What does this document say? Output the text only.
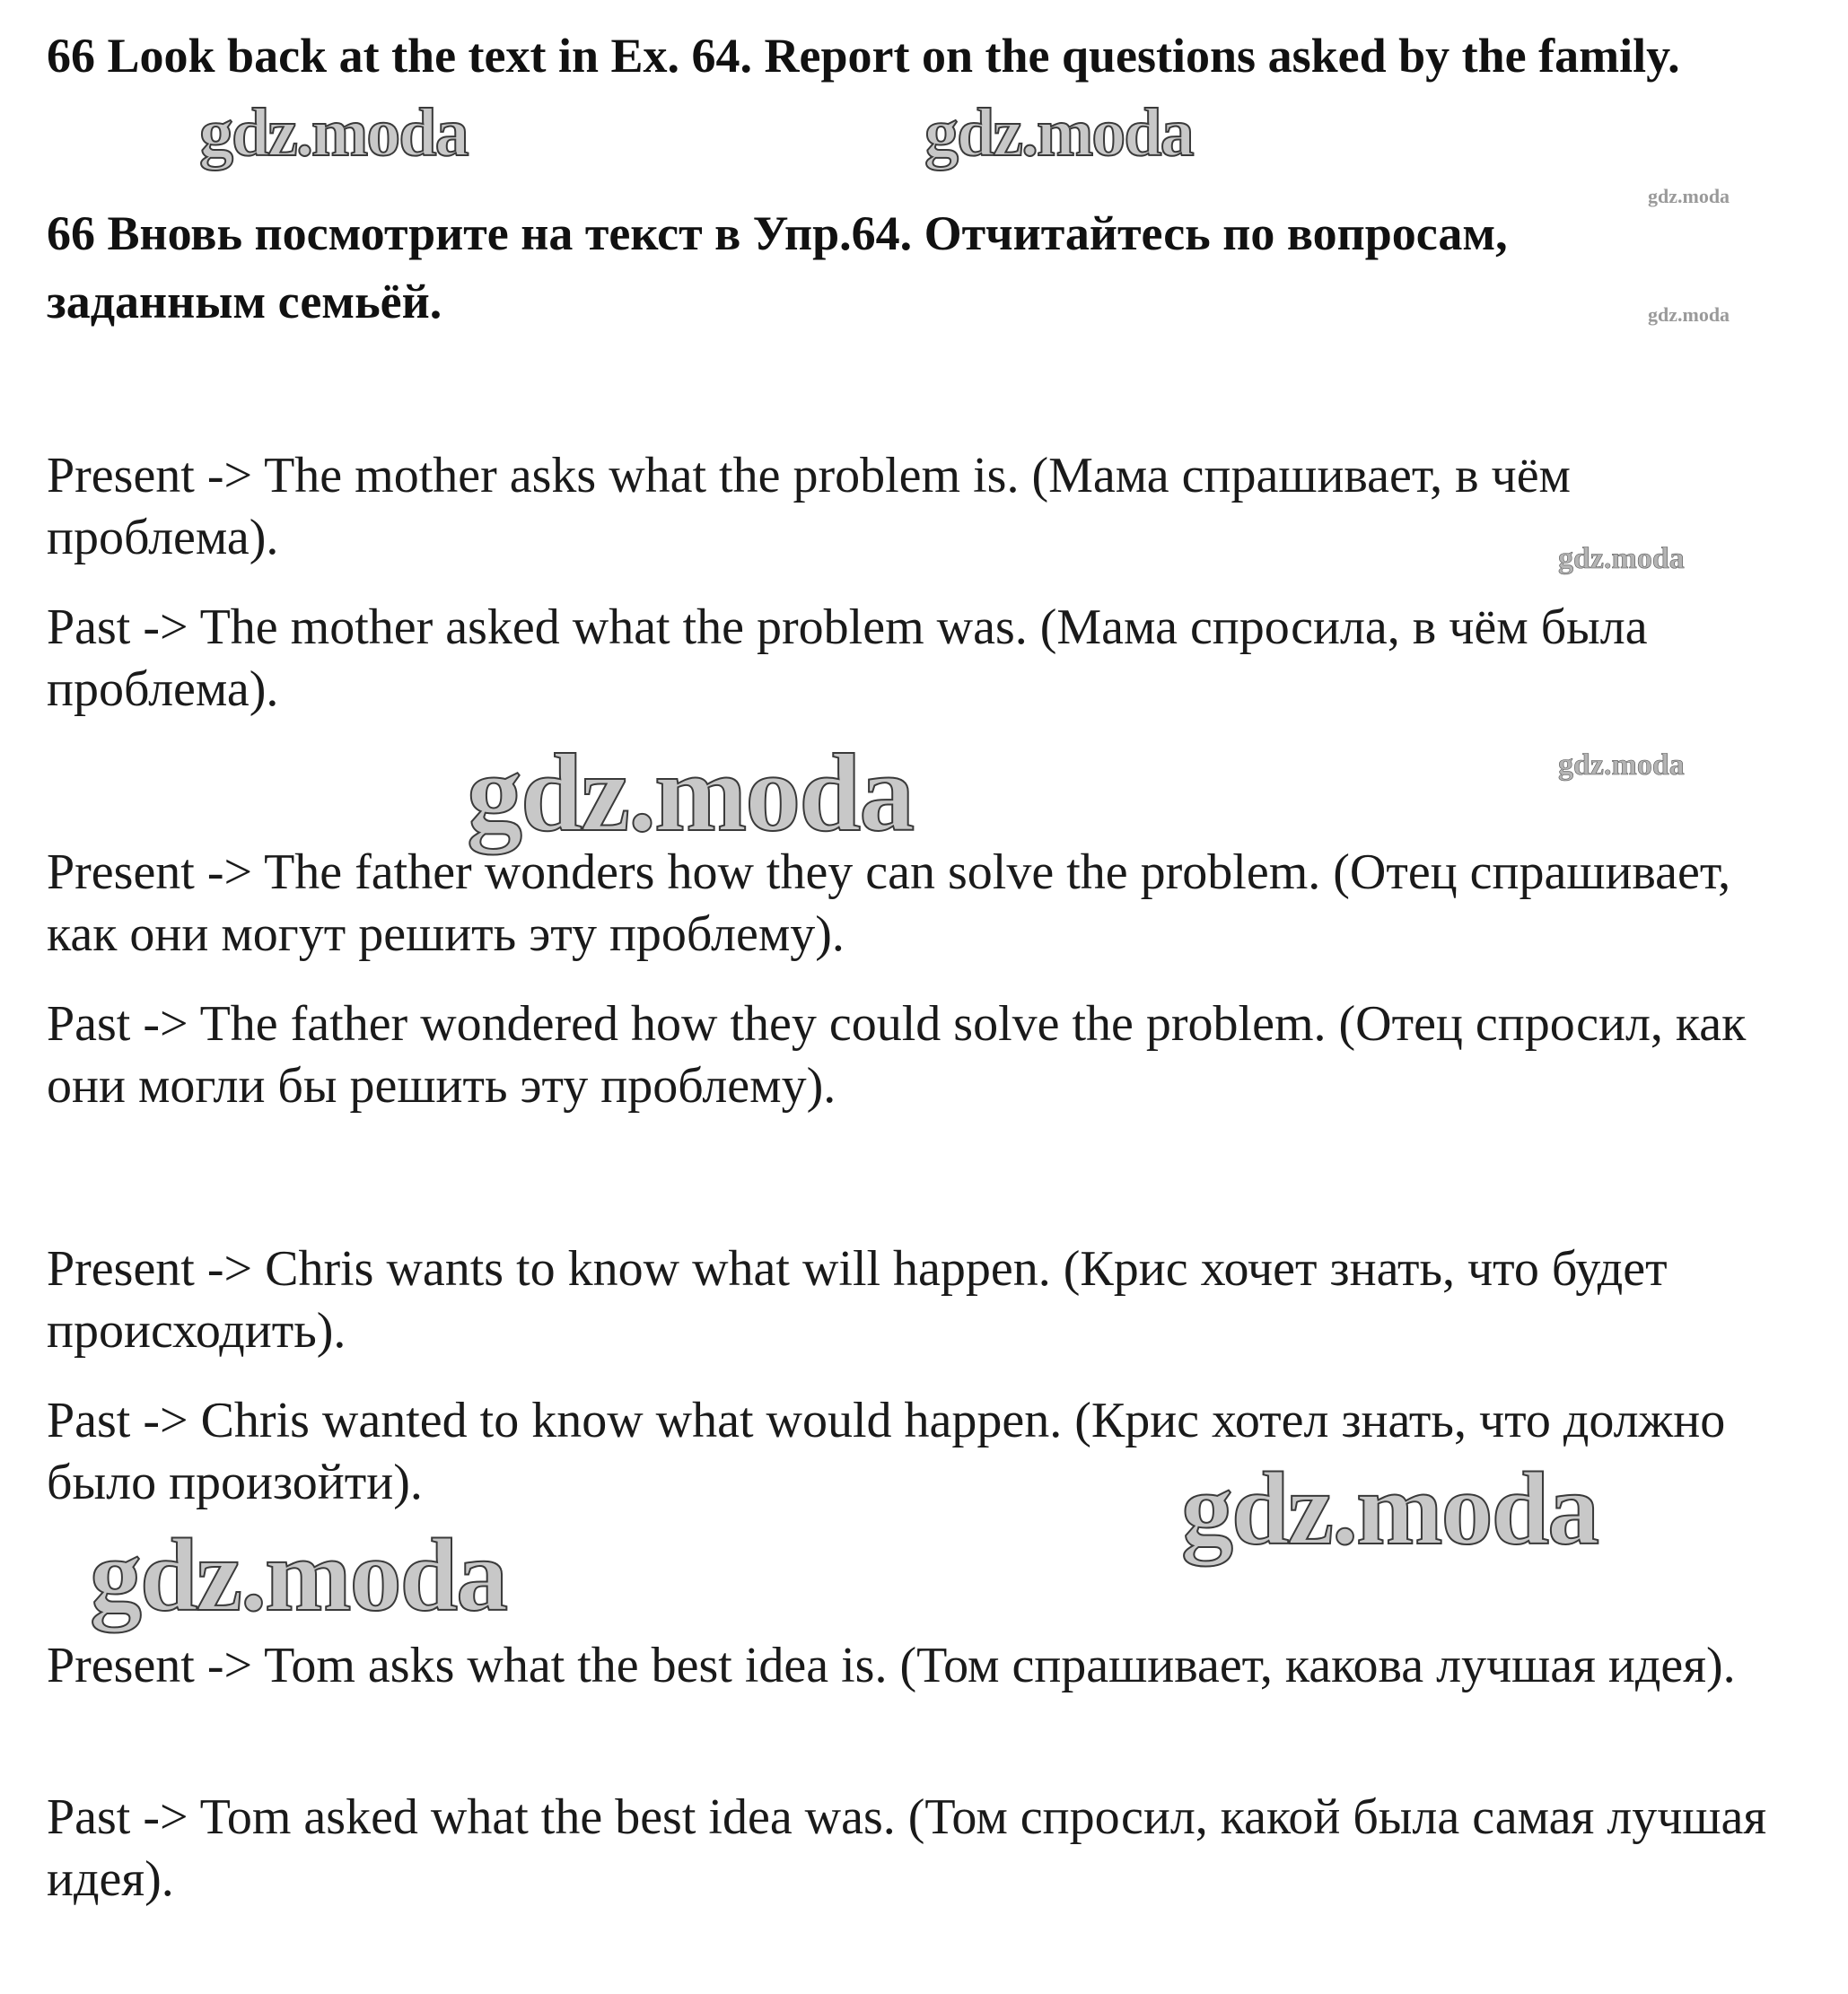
66 Look back at the text in Ex. 64. Report on the questions asked by the family.
66 Вновь посмотрите на текст в Упр.64. Отчитайтесь по вопросам, заданным семьёй.

Present -> The mother asks what the problem is. (Мама спрашивает, в чём проблема).

Past -> The mother asked what the problem was. (Мама спросила, в чём была проблема).

Present -> The father wonders how they can solve the problem. (Отец спрашивает, как они могут решить эту проблему).

Past -> The father wondered how they could solve the problem. (Отец спросил, как они могли бы решить эту проблему).

Present -> Chris wants to know what will happen. (Крис хочет знать, что будет происходить).

Past -> Chris wanted to know what would happen. (Крис хотел знать, что должно было произойти).

Present -> Tom asks what the best idea is. (Том спрашивает, какова лучшая идея).

Past -> Tom asked what the best idea was. (Том спросил, какой была самая лучшая идея).

gdz.moda	gdz.moda
gdz.moda
gdz.moda
gdz.moda
gdz.moda
gdz.moda
gdz.moda
gdz.moda
